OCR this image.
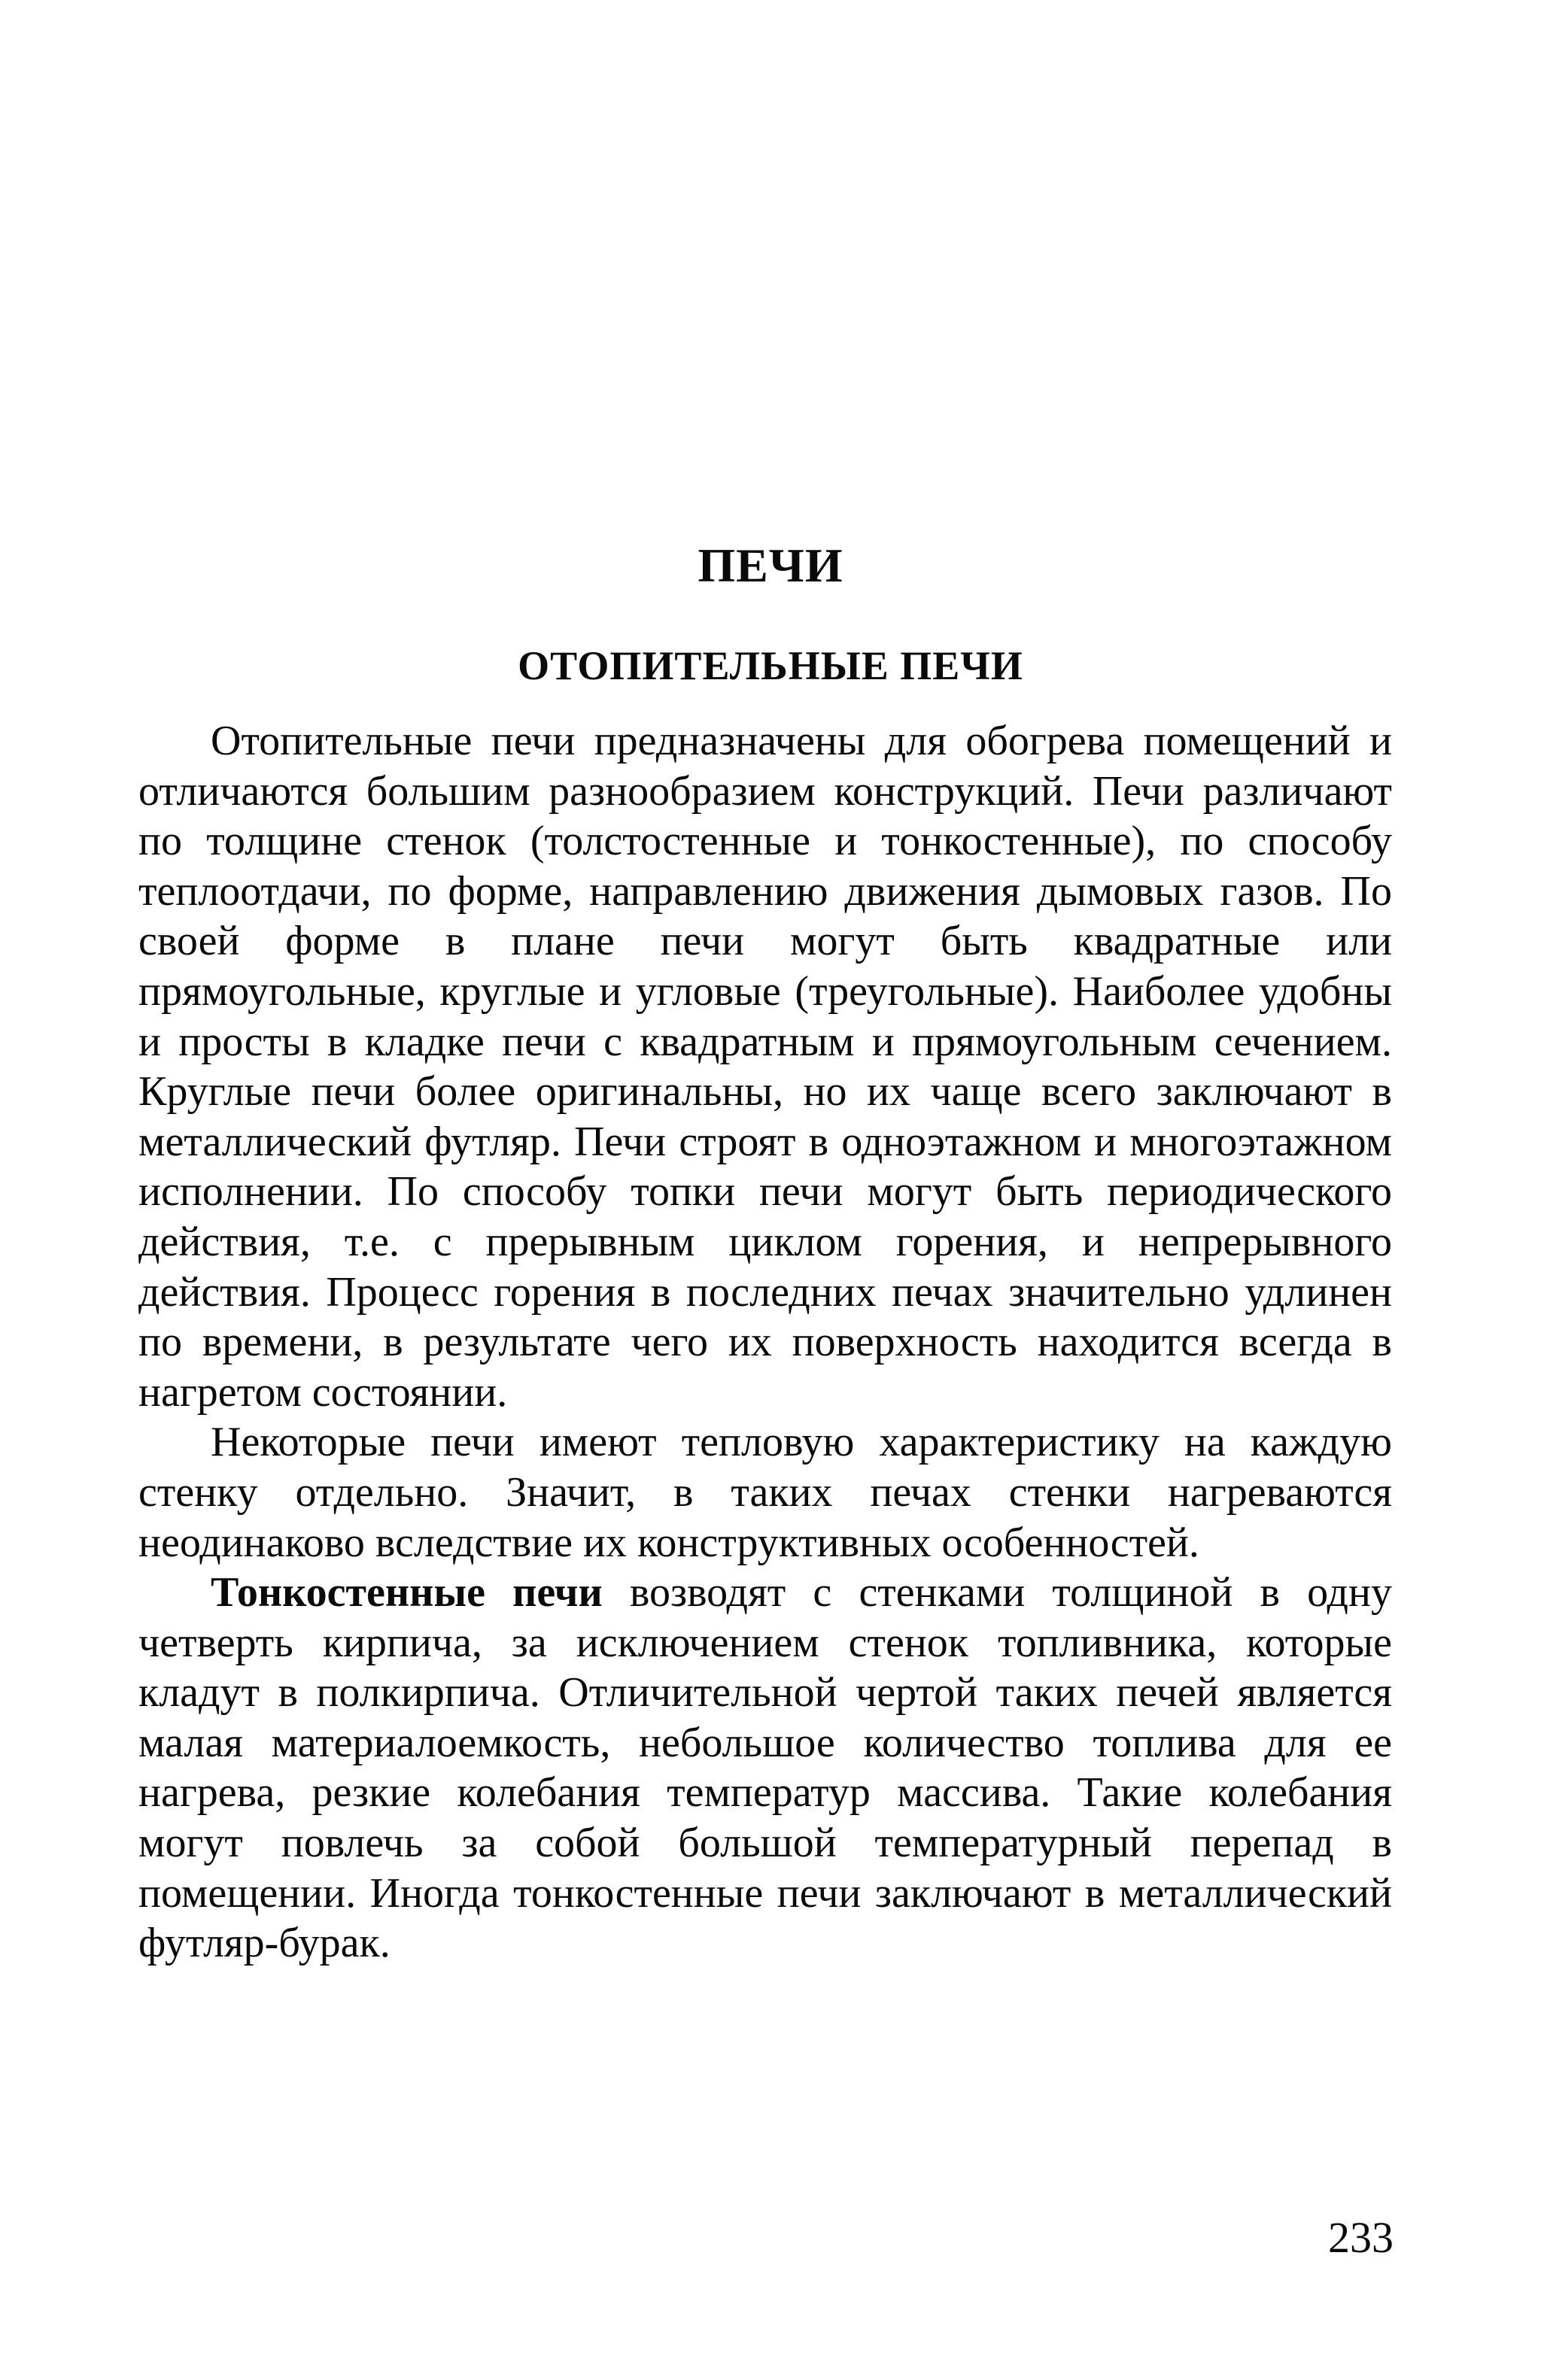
ПЕЧИ
ОТОПИТЕЛЬНЫЕ ПЕЧИ

Отопительные печи предназначены для обогрева помещений и отличаются большим разнообразием конструкций. Печи различают по толщине стенок (толстостенные и тонкостенные), по способу теплоотдачи, по форме, направлению движения дымовых газов. По своей форме в плане печи могут быть квадратные или прямоугольные, круглые и угловые (треугольные). Наиболее удобны и просты в кладке печи с квадратным и прямоугольным сечением. Круглые печи более оригинальны, но их чаще всего заключают в металлический футляр. Печи строят в одноэтажном и многоэтажном исполнении. По способу топки печи могут быть периодического действия, т.е. с прерывным циклом горения, и непрерывного действия. Процесс горения в последних печах значительно удлинен по времени, в результате чего их поверхность находится всегда в нагретом состоянии.

Некоторые печи имеют тепловую характеристику на каждую стенку отдельно. Значит, в таких печах стенки нагреваются неодинаково вследствие их конструктивных особенностей.

Тонкостенные печи возводят с стенками толщиной в одну четверть кирпича, за исключением стенок топливника, которые кладут в полкирпича. Отличительной чертой таких печей является малая материалоемкость, небольшое количество топлива для ее нагрева, резкие колебания температур массива. Такие колебания могут повлечь за собой большой температурный перепад в помещении. Иногда тонкостенные печи заключают в металлический футляр-бурак.

233
